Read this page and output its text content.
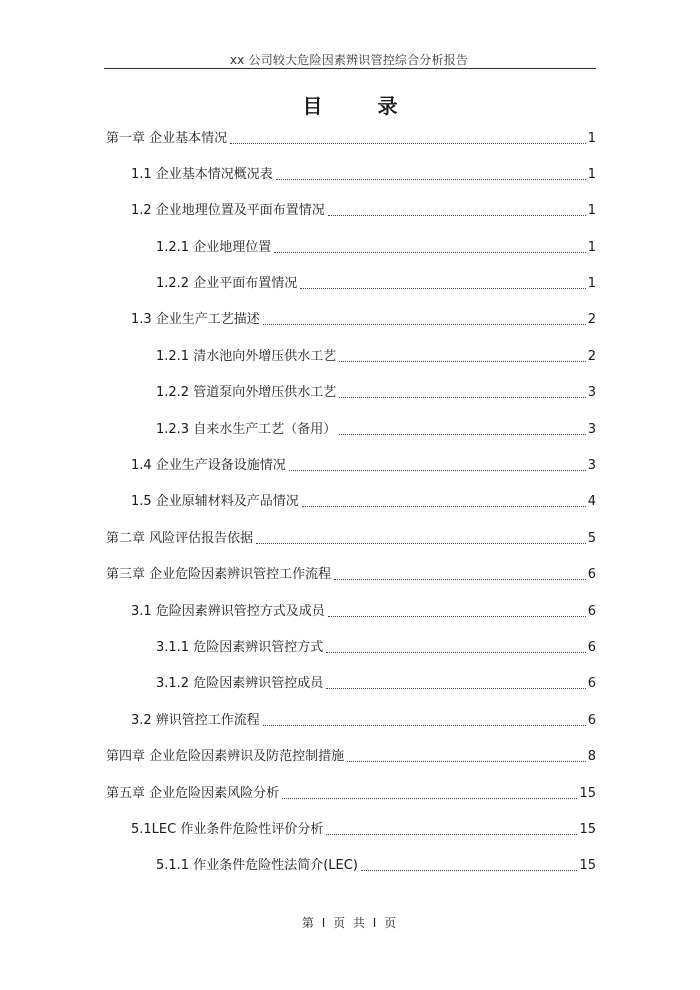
xx 公司较大危险因素辨识管控综合分析报告
目 录
第一章 企业基本情况	1
1.1 企业基本情况概况表	1
1.2 企业地理位置及平面布置情况	1
1.2.1 企业地理位置	1
1.2.2 企业平面布置情况	1
1.3 企业生产工艺描述	2
1.2.1 清水池向外增压供水工艺	2
1.2.2 管道泵向外增压供水工艺	3
1.2.3 自来水生产工艺（备用）	3
1.4 企业生产设备设施情况	3
1.5 企业原辅材料及产品情况	4
第二章 风险评估报告依据	5
第三章 企业危险因素辨识管控工作流程	6
3.1 危险因素辨识管控方式及成员	6
3.1.1 危险因素辨识管控方式	6
3.1.2 危险因素辨识管控成员	6
3.2 辨识管控工作流程	6
第四章 企业危险因素辨识及防范控制措施	8
第五章 企业危险因素风险分析	15
5.1LEC 作业条件危险性评价分析	15
5.1.1 作业条件危险性法简介(LEC)	15
第 I 页 共 I 页
